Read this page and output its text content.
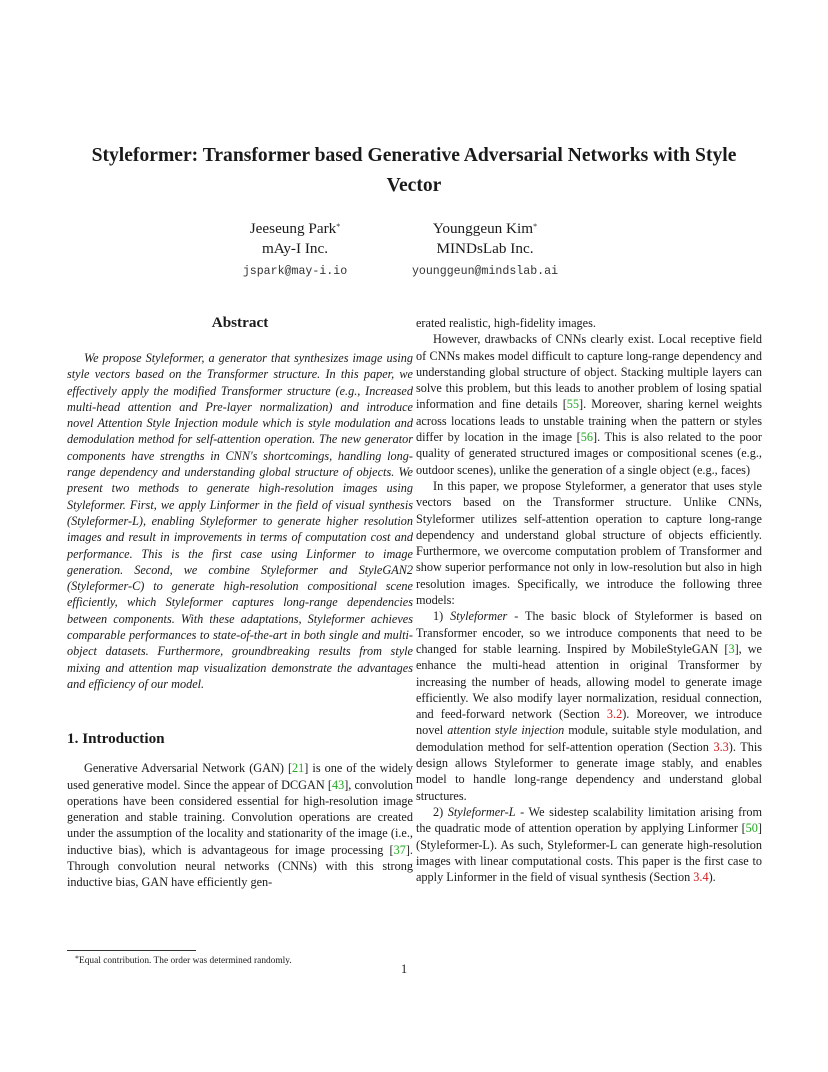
Styleformer: Transformer based Generative Adversarial Networks with Style
Vector
Jeeseung Park*
mAy-I Inc.
jspark@may-i.io
Younggeun Kim*
MINDsLab Inc.
younggeun@mindslab.ai
Abstract

We propose Styleformer, a generator that synthesizes image using style vectors based on the Transformer structure. In this paper, we effectively apply the modified Transformer structure (e.g., Increased multi-head attention and Pre-layer normalization) and introduce novel Attention Style Injection module which is style modulation and demodulation method for self-attention operation. The new generator components have strengths in CNN's shortcomings, handling long-range dependency and understanding global structure of objects. We present two methods to generate high-resolution images using Styleformer. First, we apply Linformer in the field of visual synthesis (Styleformer-L), enabling Styleformer to generate higher resolution images and result in improvements in terms of computation cost and performance. This is the first case using Linformer to image generation. Second, we combine Styleformer and StyleGAN2 (Styleformer-C) to generate high-resolution compositional scene efficiently, which Styleformer captures long-range dependencies between components. With these adaptations, Styleformer achieves comparable performances to state-of-the-art in both single and multi-object datasets. Furthermore, groundbreaking results from style mixing and attention map visualization demonstrate the advantages and efficiency of our model.

1. Introduction

Generative Adversarial Network (GAN) [21] is one of the widely used generative model. Since the appear of DCGAN [43], convolution operations have been considered essential for high-resolution image generation and stable training. Convolution operations are created under the assumption of the locality and stationarity of the image (i.e., inductive bias), which is advantageous for image processing [37]. Through convolution neural networks (CNNs) with this strong inductive bias, GAN have efficiently gen-

erated realistic, high-fidelity images.

However, drawbacks of CNNs clearly exist. Local receptive field of CNNs makes model difficult to capture long-range dependency and understanding global structure of object. Stacking multiple layers can solve this problem, but this leads to another problem of losing spatial information and fine details [55]. Moreover, sharing kernel weights across locations leads to unstable training when the pattern or styles differ by location in the image [56]. This is also related to the poor quality of generated structured images or compositional scenes (e.g., outdoor scenes), unlike the generation of a single object (e.g., faces)

In this paper, we propose Styleformer, a generator that uses style vectors based on the Transformer structure. Unlike CNNs, Styleformer utilizes self-attention operation to capture long-range dependency and understand global structure of objects efficiently. Furthermore, we overcome computation problem of Transformer and show superior performance not only in low-resolution but also in high resolution images. Specifically, we introduce the following three models:

1) Styleformer - The basic block of Styleformer is based on Transformer encoder, so we introduce components that need to be changed for stable learning. Inspired by MobileStyleGAN [3], we enhance the multi-head attention in original Transformer by increasing the number of heads, allowing model to generate image efficiently. We also modify layer normalization, residual connection, and feed-forward network (Section 3.2). Moreover, we introduce novel attention style injection module, suitable style modulation, and demodulation method for self-attention operation (Section 3.3). This design allows Styleformer to generate image stably, and enables model to handle long-range dependency and understand global structures.

2) Styleformer-L - We sidestep scalability limitation arising from the quadratic mode of attention operation by applying Linformer [50] (Styleformer-L). As such, Styleformer-L can generate high-resolution images with linear computational costs. This paper is the first case to apply Linformer in the field of visual synthesis (Section 3.4).

*Equal contribution. The order was determined randomly.
1
